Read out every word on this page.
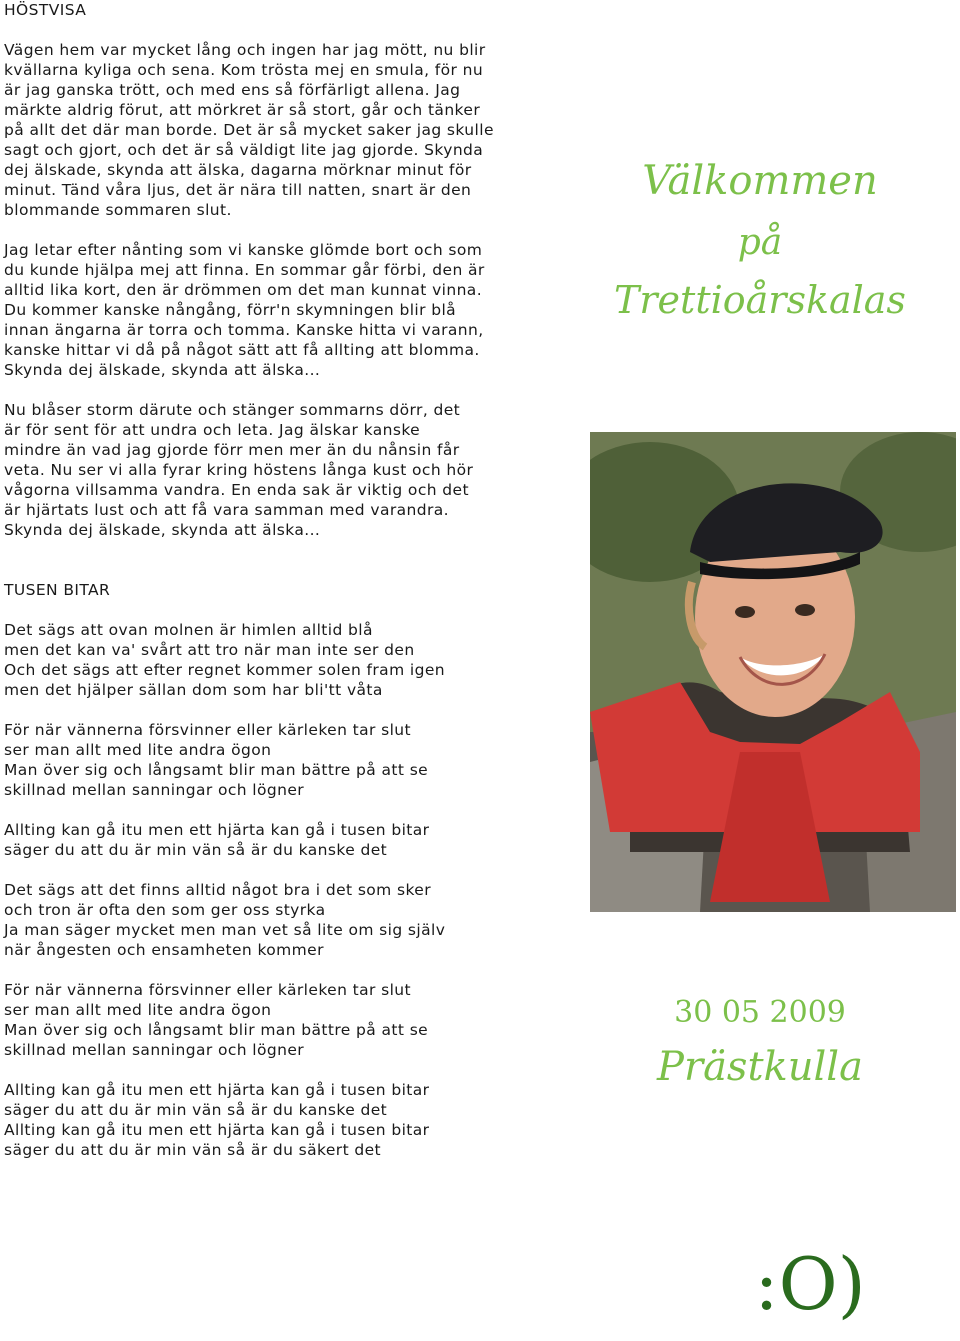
HÖSTVISA

Vägen hem var mycket lång och ingen har jag mött, nu blir kvällarna kyliga och sena. Kom trösta mej en smula, för nu är jag ganska trött, och med ens så förfärligt allena. Jag märkte aldrig förut, att mörkret är så stort, går och tänker på allt det där man borde. Det är så mycket saker jag skulle sagt och gjort, och det är så väldigt lite jag gjorde. Skynda dej älskade, skynda att älska, dagarna mörknar minut för minut. Tänd våra ljus, det är nära till natten, snart är den blommande sommaren slut.

Jag letar efter nånting som vi kanske glömde bort och som du kunde hjälpa mej att finna. En sommar går förbi, den är alltid lika kort, den är drömmen om det man kunnat vinna. Du kommer kanske nångång, förr'n skymningen blir blå innan ängarna är torra och tomma. Kanske hitta vi varann, kanske hittar vi då på något sätt att få allting att blomma. Skynda dej älskade, skynda att älska...

Nu blåser storm därute och stänger sommarns dörr, det är för sent för att undra och leta. Jag älskar kanske mindre än vad jag gjorde förr men mer än du nånsin får veta. Nu ser vi alla fyrar kring höstens långa kust och hör vågorna villsamma vandra. En enda sak är viktig och det är hjärtats lust och att få vara samman med varandra. Skynda dej älskade, skynda att älska...

TUSEN BITAR
Det sägs att ovan molnen är himlen alltid blå
men det kan va' svårt att tro när man inte ser den
Och det sägs att efter regnet kommer solen fram igen
men det hjälper sällan dom som har bli'tt våta
För när vännerna försvinner eller kärleken tar slut
ser man allt med lite andra ögon
Man över sig och långsamt blir man bättre på att se
skillnad mellan sanningar och lögner
Allting kan gå itu men ett hjärta kan gå i tusen bitar
säger du att du är min vän så är du kanske det
Det sägs att det finns alltid något bra i det som sker
och tron är ofta den som ger oss styrka
Ja man säger mycket men man vet så lite om sig själv
när ångesten och ensamheten kommer
För när vännerna försvinner eller kärleken tar slut
ser man allt med lite andra ögon
Man över sig och långsamt blir man bättre på att se
skillnad mellan sanningar och lögner
Allting kan gå itu men ett hjärta kan gå i tusen bitar
säger du att du är min vän så är du kanske det
Allting kan gå itu men ett hjärta kan gå i tusen bitar
säger du att du är min vän så är du säkert det
Välkommen
på
Trettioårskalas
30 05 2009
Prästkulla
:O)
